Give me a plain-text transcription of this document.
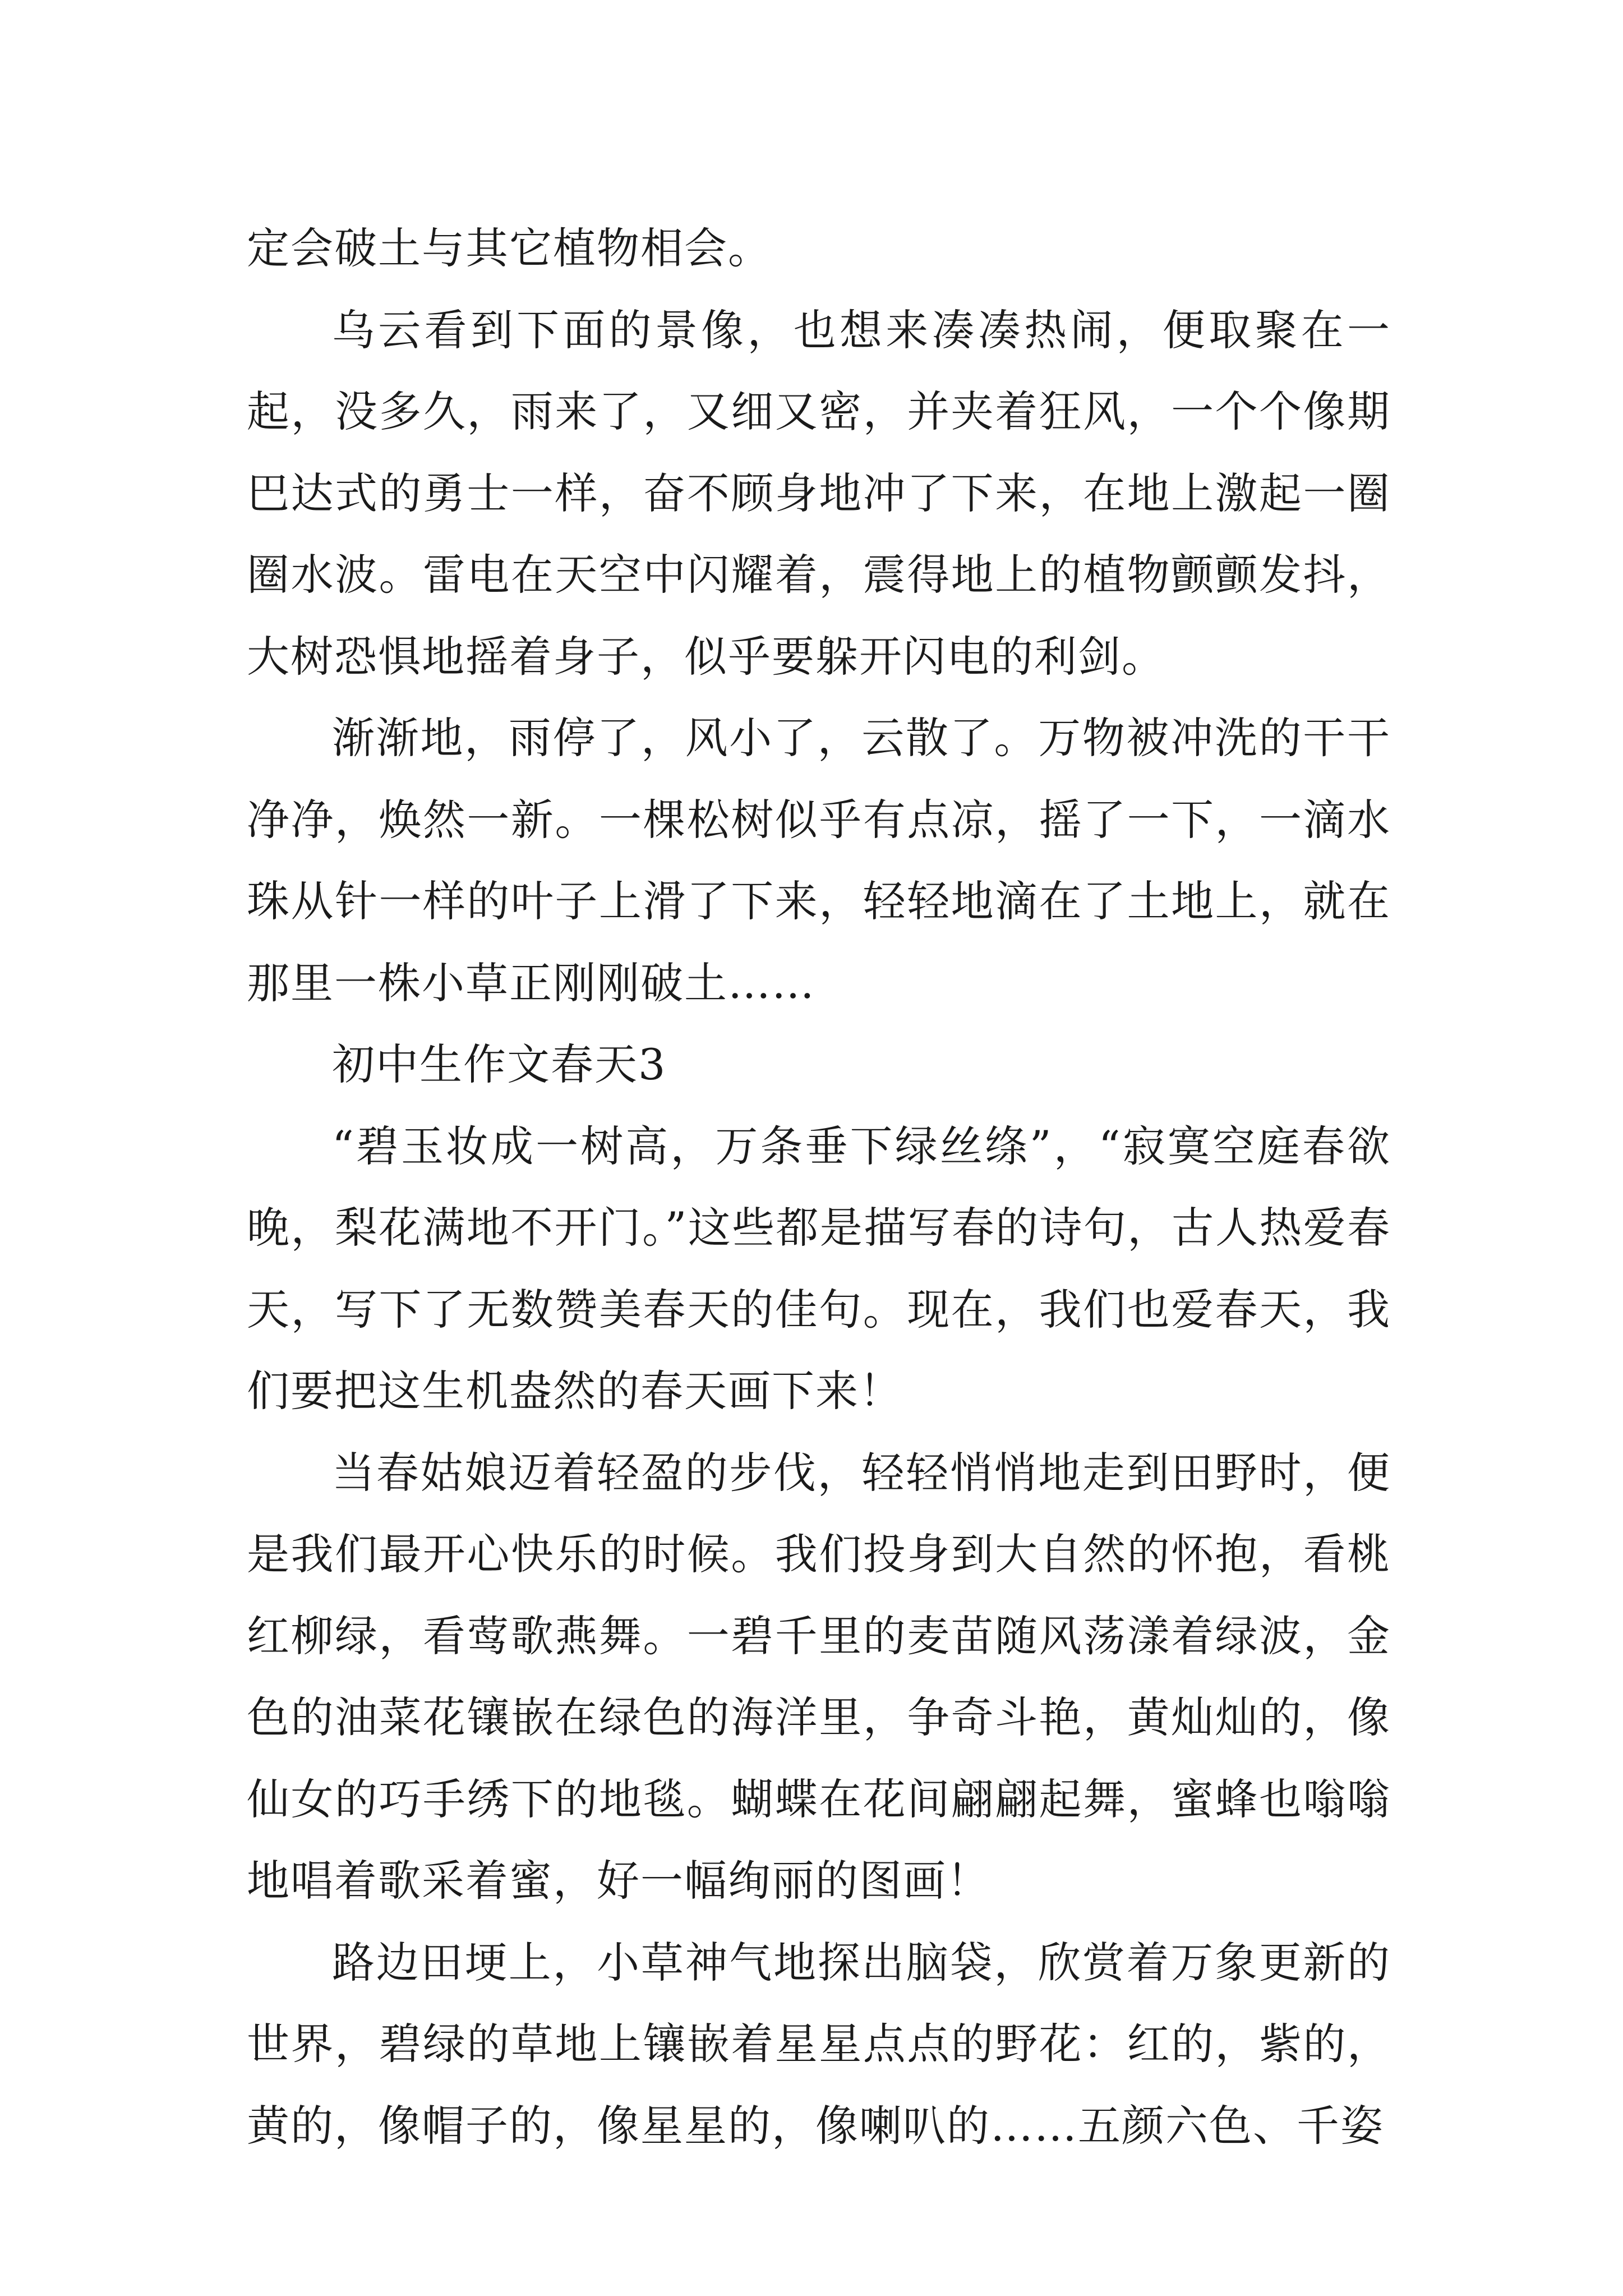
定会破土与其它植物相会。

乌云看到下面的景像，也想来凑凑热闹，便取聚在一起，没多久，雨来了，又细又密，并夹着狂风，一个个像期巴达式的勇士一样，奋不顾身地冲了下来，在地上激起一圈圈水波。雷电在天空中闪耀着，震得地上的植物颤颤发抖，大树恐惧地摇着身子，似乎要躲开闪电的利剑。

渐渐地，雨停了，风小了，云散了。万物被冲洗的干干净净，焕然一新。一棵松树似乎有点凉，摇了一下，一滴水珠从针一样的叶子上滑了下来，轻轻地滴在了土地上，就在那里一株小草正刚刚破土……

初中生作文春天3

“碧玉妆成一树高，万条垂下绿丝绦”，“寂寞空庭春欲晚，梨花满地不开门。”这些都是描写春的诗句，古人热爱春天，写下了无数赞美春天的佳句。现在，我们也爱春天，我们要把这生机盎然的春天画下来！

当春姑娘迈着轻盈的步伐，轻轻悄悄地走到田野时，便是我们最开心快乐的时候。我们投身到大自然的怀抱，看桃红柳绿，看莺歌燕舞。一碧千里的麦苗随风荡漾着绿波，金色的油菜花镶嵌在绿色的海洋里，争奇斗艳，黄灿灿的，像仙女的巧手绣下的地毯。蝴蝶在花间翩翩起舞，蜜蜂也嗡嗡地唱着歌采着蜜，好一幅绚丽的图画！

路边田埂上，小草神气地探出脑袋，欣赏着万象更新的世界，碧绿的草地上镶嵌着星星点点的野花：红的，紫的，黄的，像帽子的，像星星的，像喇叭的……五颜六色、千姿
